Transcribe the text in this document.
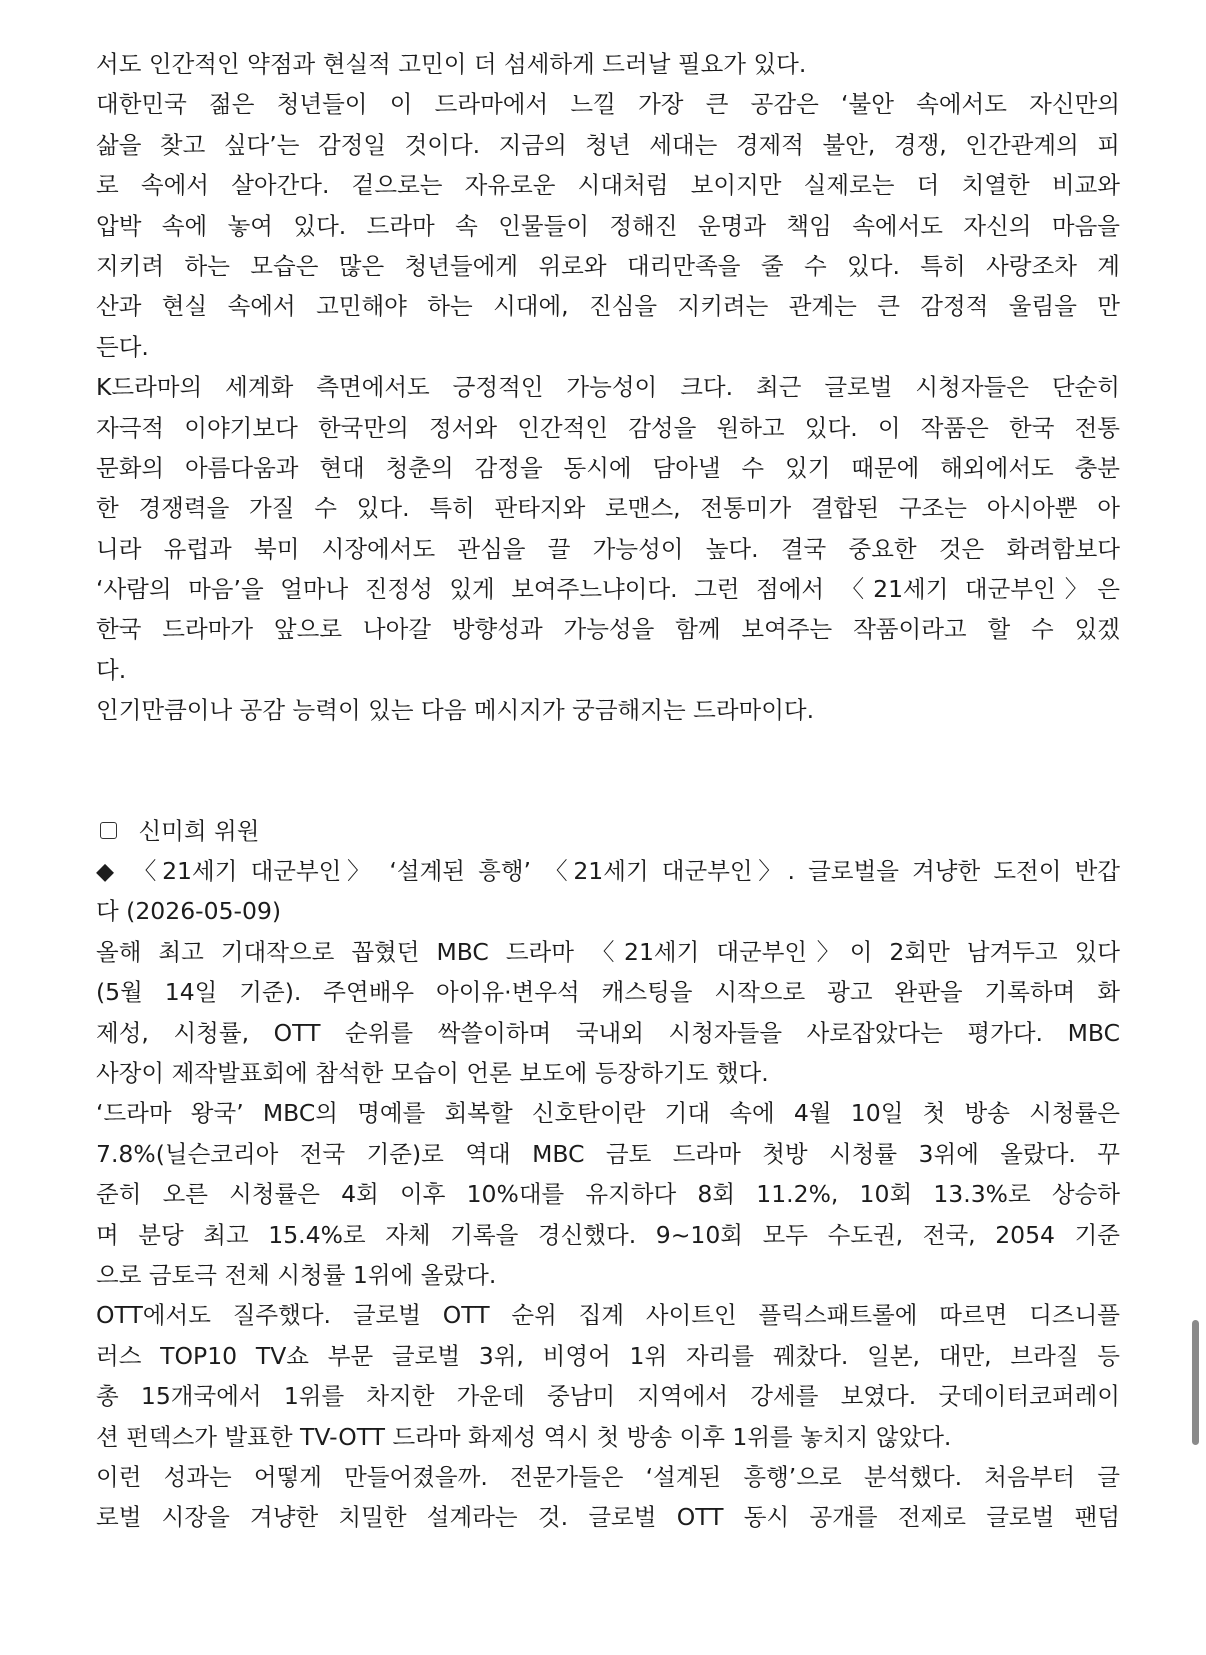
서도 인간적인 약점과 현실적 고민이 더 섬세하게 드러날 필요가 있다.
대한민국 젊은 청년들이 이 드라마에서 느낄 가장 큰 공감은 ‘불안 속에서도 자신만의
삶을 찾고 싶다’는 감정일 것이다. 지금의 청년 세대는 경제적 불안, 경쟁, 인간관계의 피
로 속에서 살아간다. 겉으로는 자유로운 시대처럼 보이지만 실제로는 더 치열한 비교와
압박 속에 놓여 있다. 드라마 속 인물들이 정해진 운명과 책임 속에서도 자신의 마음을
지키려 하는 모습은 많은 청년들에게 위로와 대리만족을 줄 수 있다. 특히 사랑조차 계
산과 현실 속에서 고민해야 하는 시대에, 진심을 지키려는 관계는 큰 감정적 울림을 만
든다.
K드라마의 세계화 측면에서도 긍정적인 가능성이 크다. 최근 글로벌 시청자들은 단순히
자극적 이야기보다 한국만의 정서와 인간적인 감성을 원하고 있다. 이 작품은 한국 전통
문화의 아름다움과 현대 청춘의 감정을 동시에 담아낼 수 있기 때문에 해외에서도 충분
한 경쟁력을 가질 수 있다. 특히 판타지와 로맨스, 전통미가 결합된 구조는 아시아뿐 아
니라 유럽과 북미 시장에서도 관심을 끌 가능성이 높다. 결국 중요한 것은 화려함보다
‘사람의 마음’을 얼마나 진정성 있게 보여주느냐이다. 그런 점에서 〈21세기 대군부인〉은
한국 드라마가 앞으로 나아갈 방향성과 가능성을 함께 보여주는 작품이라고 할 수 있겠
다.
인기만큼이나 공감 능력이 있는 다음 메시지가 궁금해지는 드라마이다.
신미희 위원
◆ 〈21세기 대군부인〉 ‘설계된 흥행’ 〈21세기 대군부인〉. 글로벌을 겨냥한 도전이 반갑
다 (2026-05-09)
올해 최고 기대작으로 꼽혔던 MBC 드라마 〈21세기 대군부인〉이 2회만 남겨두고 있다
(5월 14일 기준). 주연배우 아이유·변우석 캐스팅을 시작으로 광고 완판을 기록하며 화
제성, 시청률, OTT 순위를 싹쓸이하며 국내외 시청자들을 사로잡았다는 평가다. MBC
사장이 제작발표회에 참석한 모습이 언론 보도에 등장하기도 했다.
‘드라마 왕국’ MBC의 명예를 회복할 신호탄이란 기대 속에 4월 10일 첫 방송 시청률은
7.8%(닐슨코리아 전국 기준)로 역대 MBC 금토 드라마 첫방 시청률 3위에 올랐다. 꾸
준히 오른 시청률은 4회 이후 10%대를 유지하다 8회 11.2%, 10회 13.3%로 상승하
며 분당 최고 15.4%로 자체 기록을 경신했다. 9~10회 모두 수도권, 전국, 2054 기준
으로 금토극 전체 시청률 1위에 올랐다.
OTT에서도 질주했다. 글로벌 OTT 순위 집계 사이트인 플릭스패트롤에 따르면 디즈니플
러스 TOP10 TV쇼 부문 글로벌 3위, 비영어 1위 자리를 꿰찼다. 일본, 대만, 브라질 등
총 15개국에서 1위를 차지한 가운데 중남미 지역에서 강세를 보였다. 굿데이터코퍼레이
션 펀덱스가 발표한 TV-OTT 드라마 화제성 역시 첫 방송 이후 1위를 놓치지 않았다.
이런 성과는 어떻게 만들어졌을까. 전문가들은 ‘설계된 흥행’으로 분석했다. 처음부터 글
로벌 시장을 겨냥한 치밀한 설계라는 것. 글로벌 OTT 동시 공개를 전제로 글로벌 팬덤
